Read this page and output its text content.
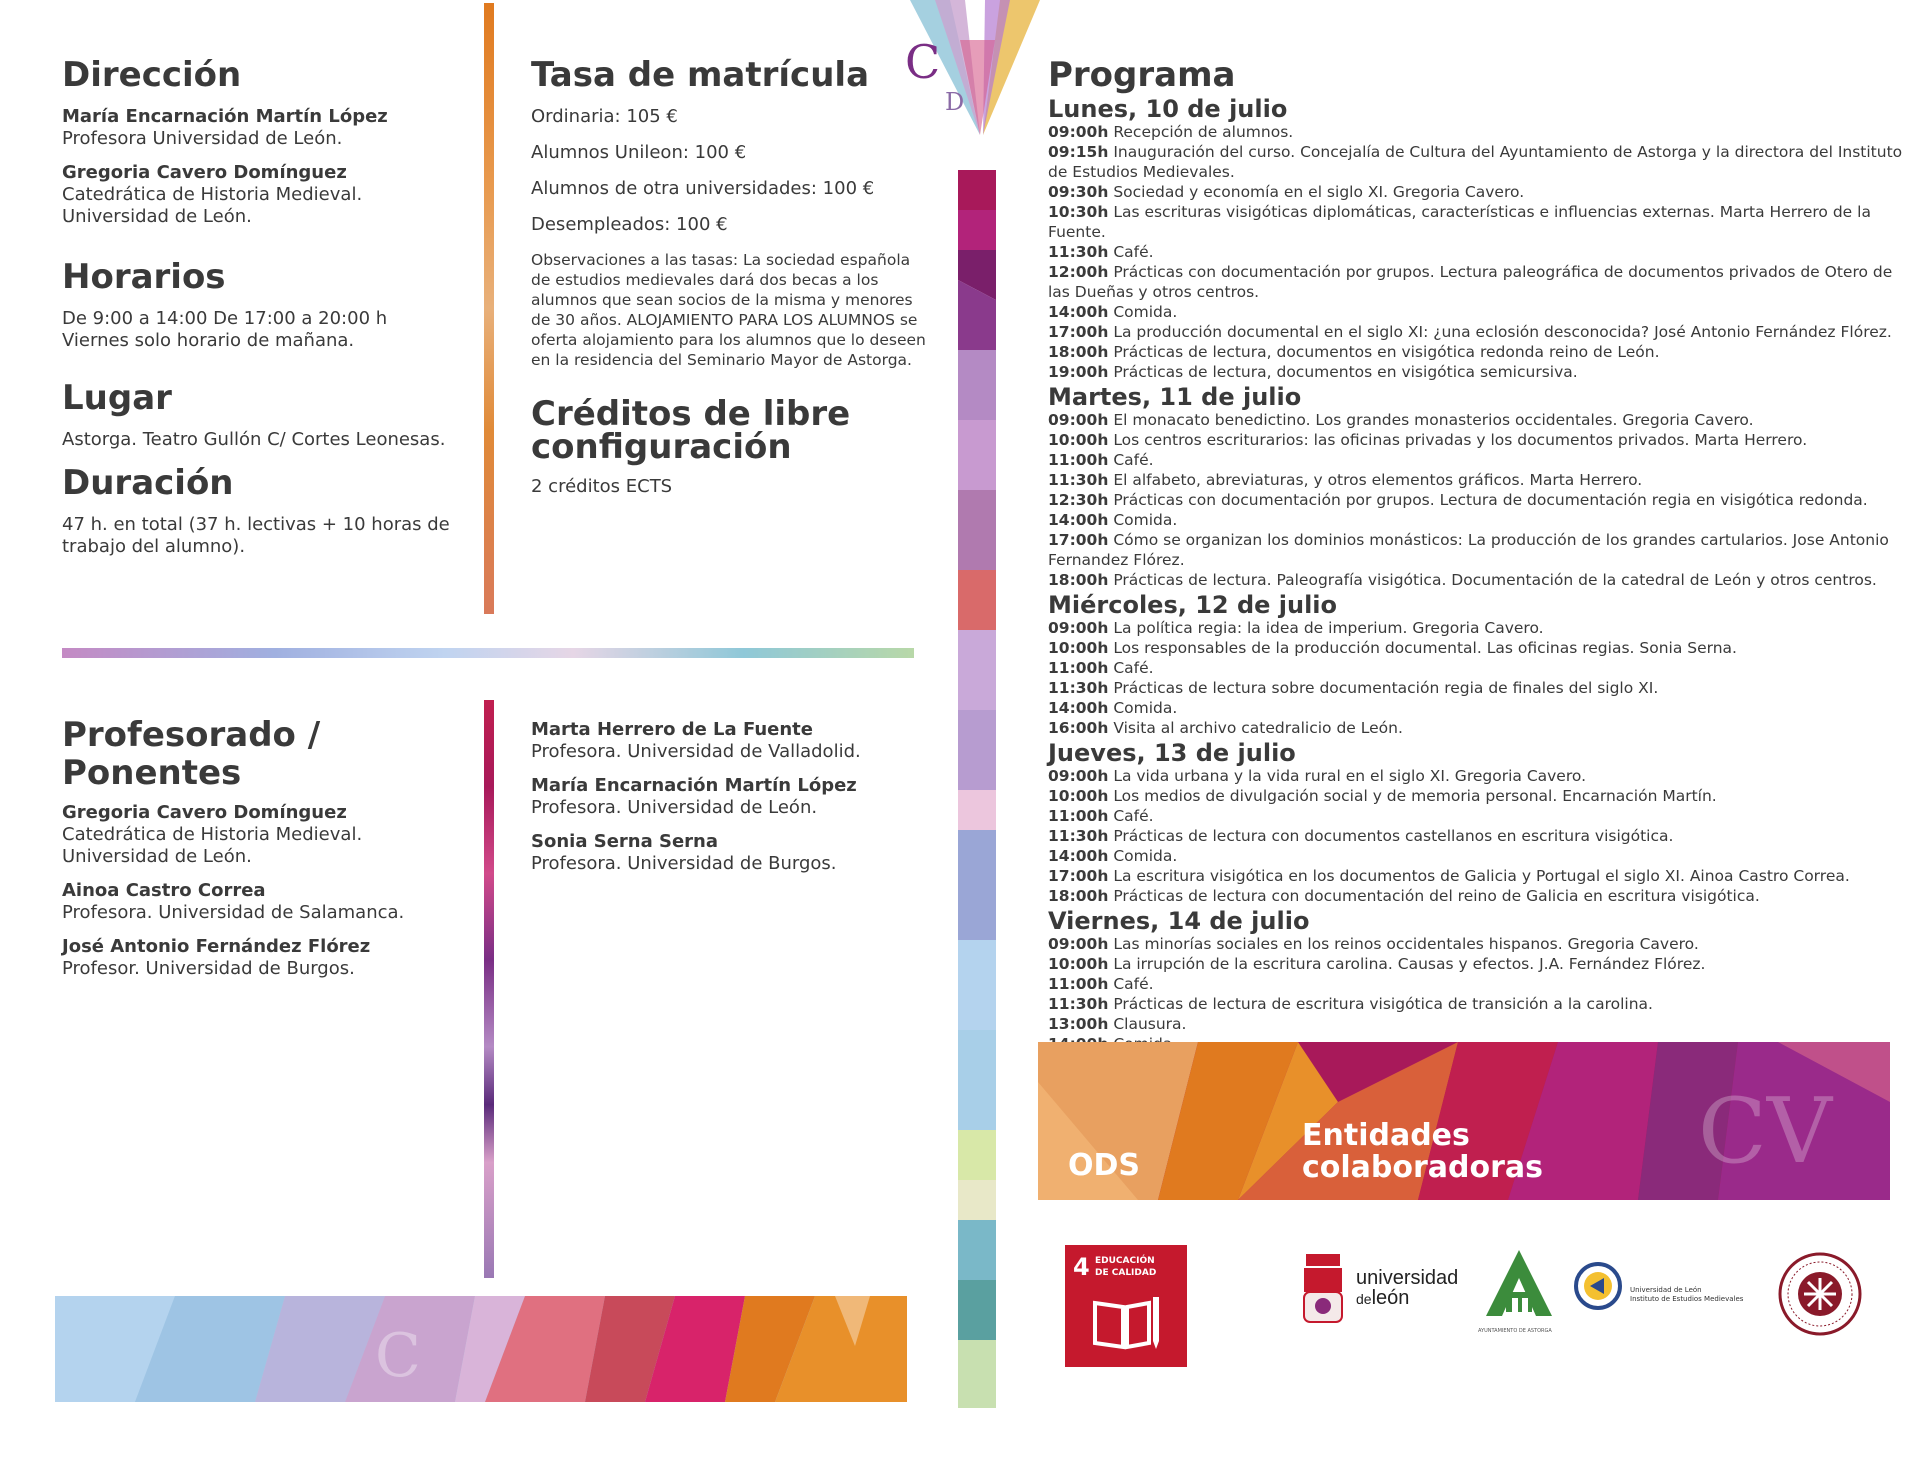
C
D
Dirección
María Encarnación Martín López
Profesora Universidad de León.
Gregoria Cavero Domínguez
Catedrática de Historia Medieval.
Universidad de León.
Horarios
De 9:00 a 14:00 De 17:00 a 20:00 h
Viernes solo horario de mañana.
Lugar
Astorga. Teatro Gullón C/ Cortes Leonesas.
Duración
47 h. en total (37 h. lectivas + 10 horas de
trabajo del alumno).
Tasa de matrícula
Ordinaria: 105 €
Alumnos Unileon: 100 €
Alumnos de otra universidades: 100 €
Desempleados: 100 €
Observaciones a las tasas: La sociedad española
de estudios medievales dará dos becas a los
alumnos que sean socios de la misma y menores
de 30 años. ALOJAMIENTO PARA LOS ALUMNOS se
oferta alojamiento para los alumnos que lo deseen
en la residencia del Seminario Mayor de Astorga.
Créditos de libre
configuración
2 créditos ECTS
Profesorado / Ponentes
Gregoria Cavero Domínguez
Catedrática de Historia Medieval.
Universidad de León.
Ainoa Castro Correa
Profesora. Universidad de Salamanca.
José Antonio Fernández Flórez
Profesor. Universidad de Burgos.
Marta Herrero de La Fuente
Profesora. Universidad de Valladolid.
María Encarnación Martín López
Profesora. Universidad de León.
Sonia Serna Serna
Profesora. Universidad de Burgos.
C
Programa
Lunes, 10 de julio
09:00h Recepción de alumnos.
09:15h Inauguración del curso. Concejalía de Cultura del Ayuntamiento de Astorga y la directora del Instituto
de Estudios Medievales.
09:30h Sociedad y economía en el siglo XI. Gregoria Cavero.
10:30h Las escrituras visigóticas diplomáticas, características e influencias externas. Marta Herrero de la Fuente.
11:30h Café.
12:00h Prácticas con documentación por grupos. Lectura paleográfica de documentos privados de Otero de
las Dueñas y otros centros.
14:00h Comida.
17:00h La producción documental en el siglo XI: ¿una eclosión desconocida? José Antonio Fernández Flórez.
18:00h Prácticas de lectura, documentos en visigótica redonda reino de León.
19:00h Prácticas de lectura, documentos en visigótica semicursiva.
Martes, 11 de julio
09:00h El monacato benedictino. Los grandes monasterios occidentales. Gregoria Cavero.
10:00h Los centros escriturarios: las oficinas privadas y los documentos privados. Marta Herrero.
11:00h Café.
11:30h El alfabeto, abreviaturas, y otros elementos gráficos. Marta Herrero.
12:30h Prácticas con documentación por grupos. Lectura de documentación regia en visigótica redonda.
14:00h Comida.
17:00h Cómo se organizan los dominios monásticos: La producción de los grandes cartularios. Jose Antonio
Fernandez Flórez.
18:00h Prácticas de lectura. Paleografía visigótica. Documentación de la catedral de León y otros centros.
Miércoles, 12 de julio
09:00h La política regia: la idea de imperium. Gregoria Cavero.
10:00h Los responsables de la producción documental. Las oficinas regias. Sonia Serna.
11:00h Café.
11:30h Prácticas de lectura sobre documentación regia de finales del siglo XI.
14:00h Comida.
16:00h Visita al archivo catedralicio de León.
Jueves, 13 de julio
09:00h La vida urbana y la vida rural en el siglo XI. Gregoria Cavero.
10:00h Los medios de divulgación social y de memoria personal. Encarnación Martín.
11:00h Café.
11:30h Prácticas de lectura con documentos castellanos en escritura visigótica.
14:00h Comida.
17:00h La escritura visigótica en los documentos de Galicia y Portugal el siglo XI. Ainoa Castro Correa.
18:00h Prácticas de lectura con documentación del reino de Galicia en escritura visigótica.
Viernes, 14 de julio
09:00h Las minorías sociales en los reinos occidentales hispanos. Gregoria Cavero.
10:00h La irrupción de la escritura carolina. Causas y efectos. J.A. Fernández Flórez.
11:00h Café.
11:30h Prácticas de lectura de escritura visigótica de transición a la carolina.
13:00h Clausura.
CV
ODS
Entidades
colaboradoras
4 EDUCACIÓN
DE CALIDAD	universidad
deleón
AYUNTAMIENTO DE ASTORGA
Universidad de León
Instituto de Estudios Medievales
